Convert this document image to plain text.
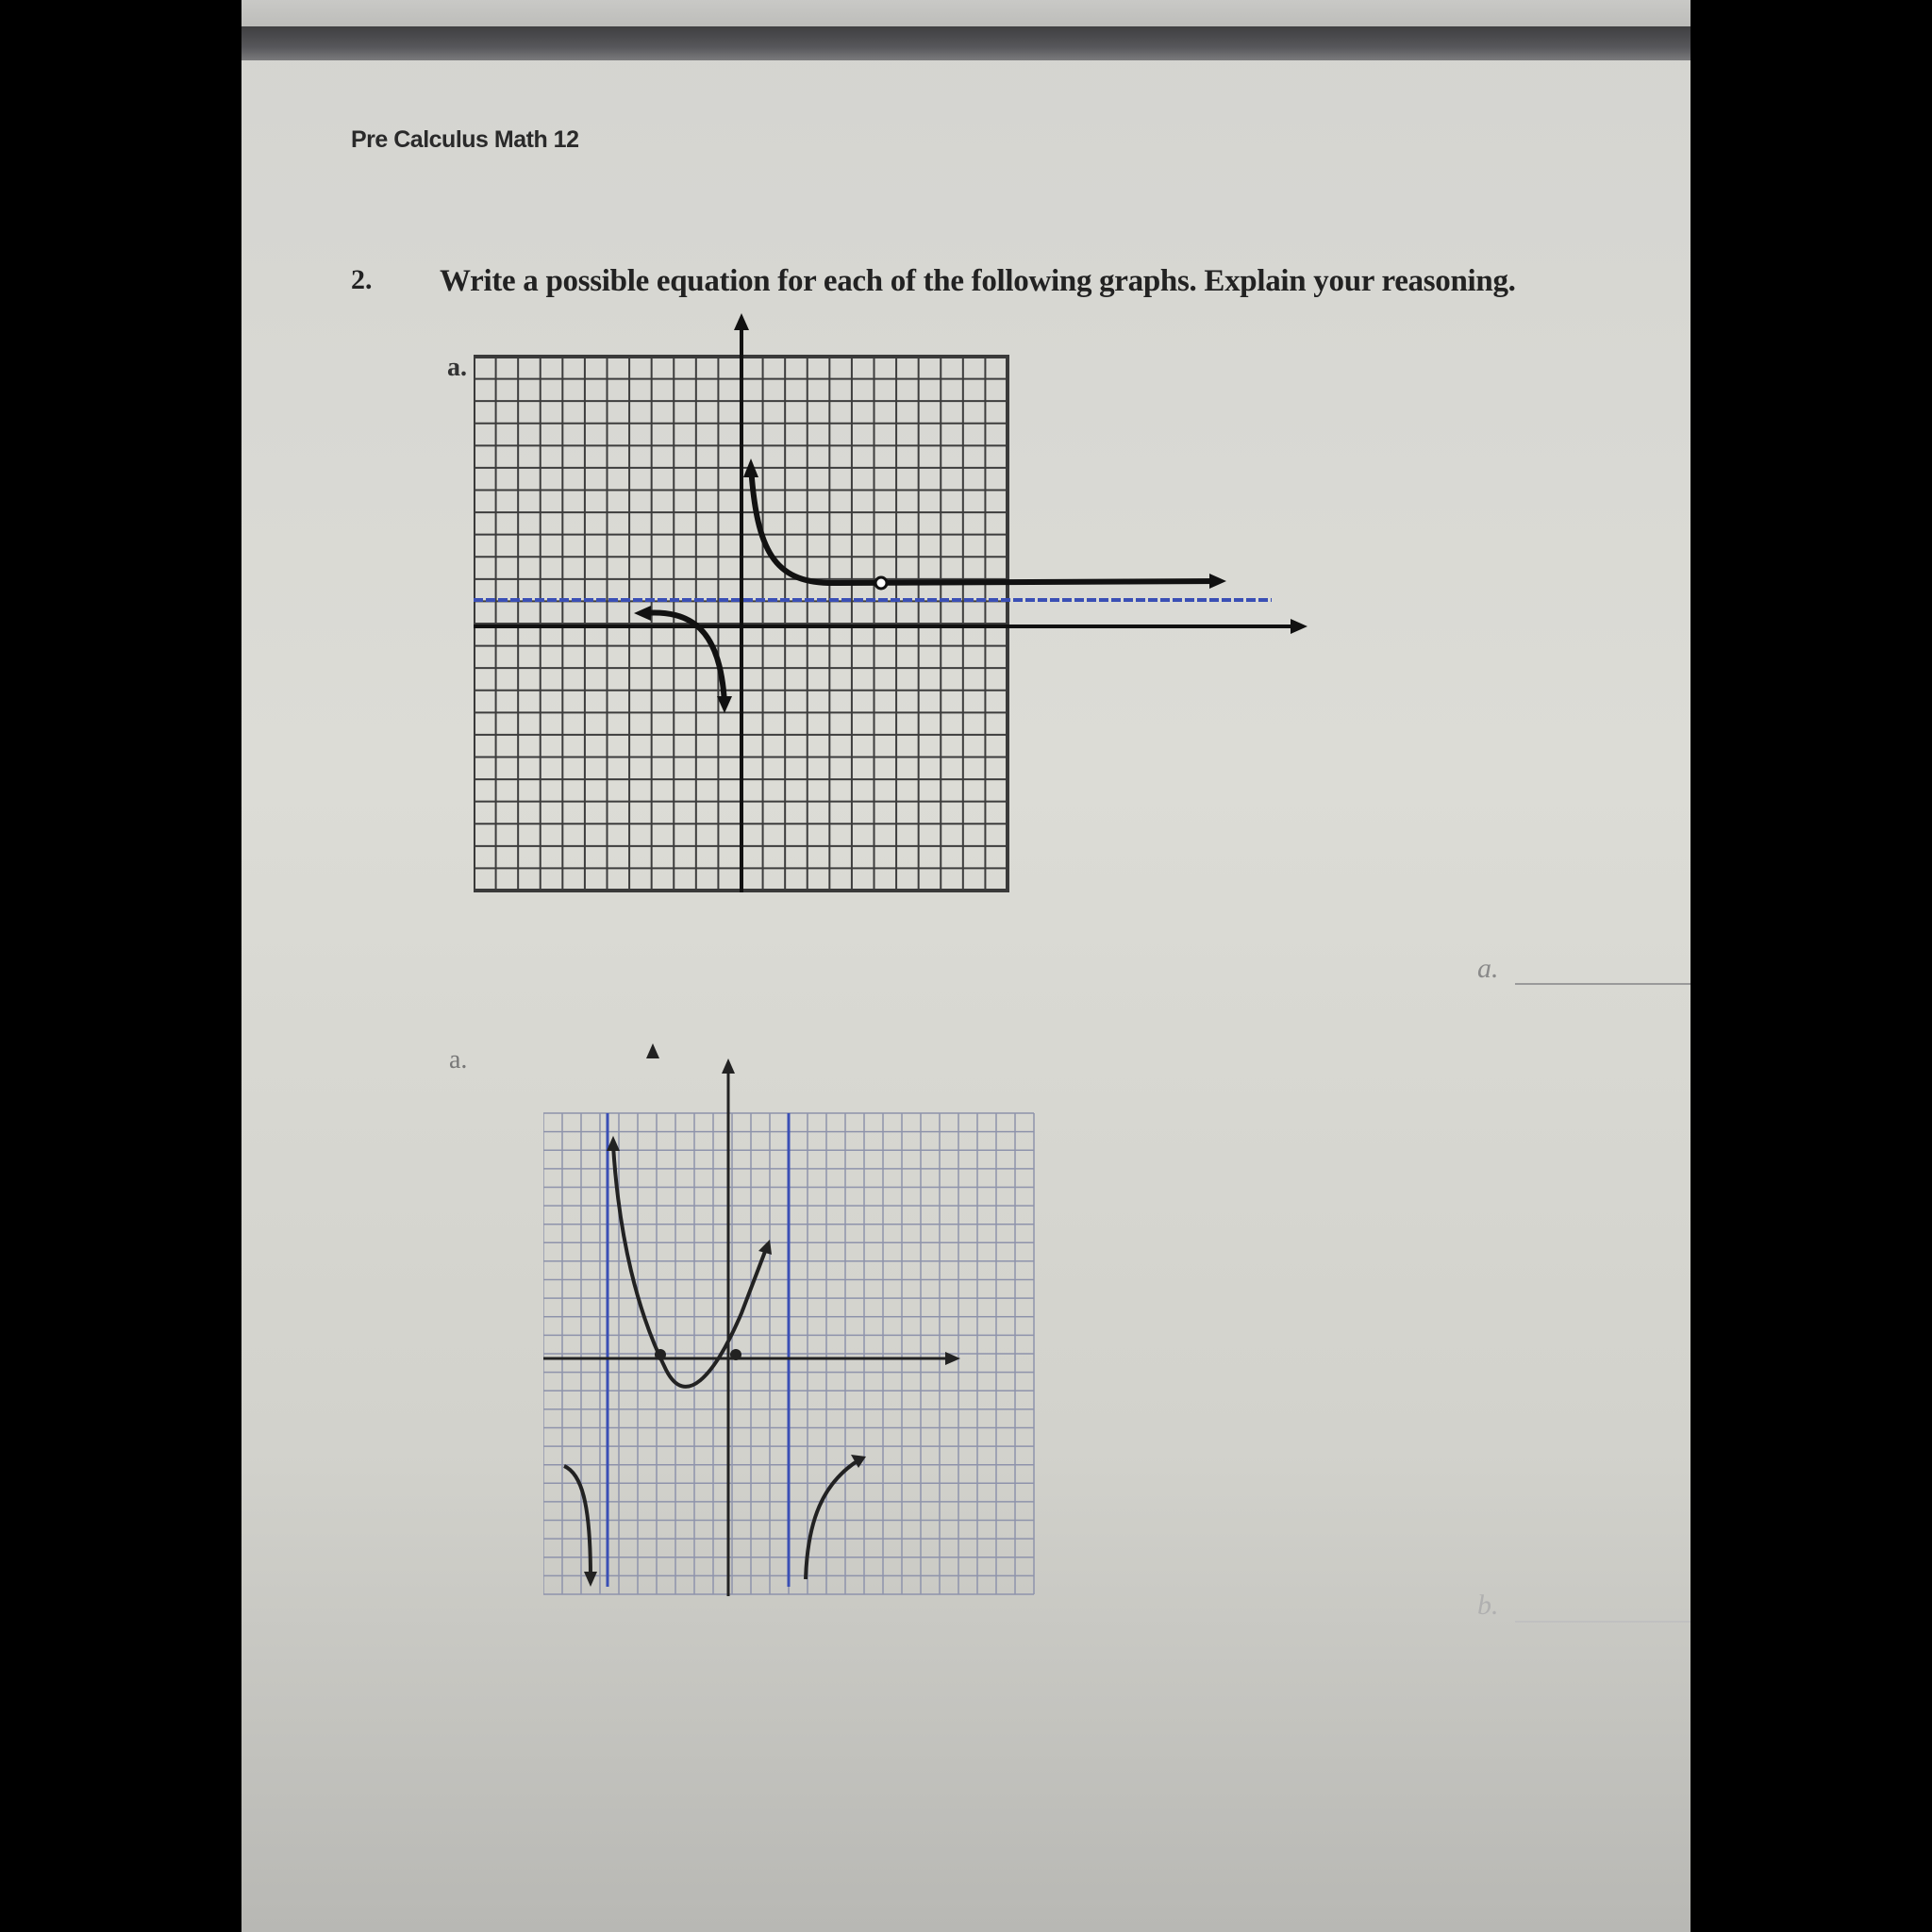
Pre Calculus Math 12
2. Write a possible equation for each of the following graphs. Explain your reasoning.
a.
a.
a.
b.
